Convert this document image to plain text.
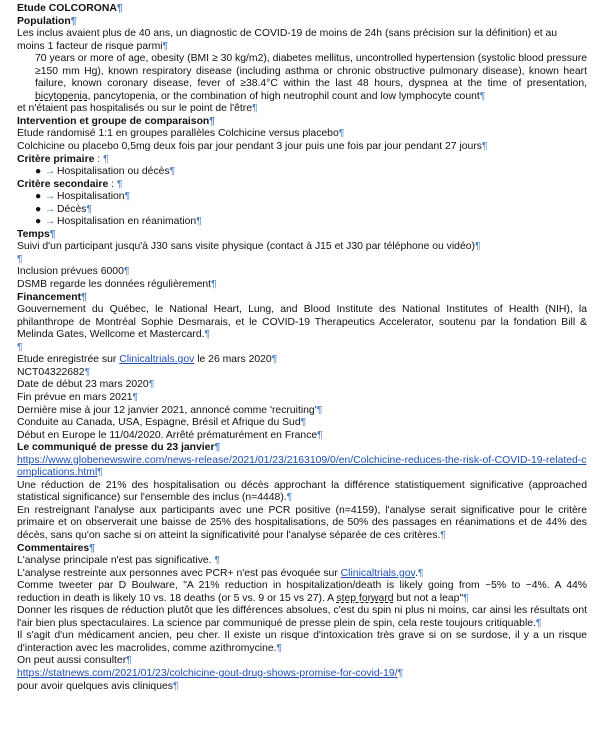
Étude COLCORONA¶
Population¶
Les inclus avaient plus de 40 ans, un diagnostic de COVID-19 de moins de 24h (sans précision sur la définition) et au moins 1 facteur de risque parmi¶
70 years or more of age, obesity (BMI ≥ 30 kg/m2), diabetes mellitus, uncontrolled hypertension (systolic blood pressure ≥150 mm Hg), known respiratory disease (including asthma or chronic obstructive pulmonary disease), known heart failure, known coronary disease, fever of ≥38.4°C within the last 48 hours, dyspnea at the time of presentation, bicytopenia, pancytopenia, or the combination of high neutrophil count and low lymphocyte count¶
et n'étaient pas hospitalisés ou sur le point de l'être¶
Intervention et groupe de comparaison¶
Étude randomisé 1:1 en groupes parallèles Colchicine versus placebo¶
Colchicine ou placebo 0,5mg deux fois par jour pendant 3 jour puis une fois par jour pendant 27 jours¶
Critère primaire : ¶
● → Hospitalisation ou décès¶
Critère secondaire : ¶
● → Hospitalisation¶
● → Décès¶
● → Hospitalisation en réanimation¶
Temps¶
Suivi d'un participant jusqu'à J30 sans visite physique (contact à J15 et J30 par téléphone ou vidéo)¶
¶
Inclusion prévues 6000¶
DSMB regarde les données régulièrement¶
Financement¶
Gouvernement du Québec, le National Heart, Lung, and Blood Institute des National Institutes of Health (NIH), la philanthrope de Montréal Sophie Desmarais, et le COVID-19 Therapeutics Accelerator, soutenu par la fondation Bill & Melinda Gates, Wellcome et Mastercard.¶
¶
Étude enregistrée sur Clinicaltrials.gov le 26 mars 2020¶
NCT04322682¶
Date de début 23 mars 2020¶
Fin prévue en mars 2021¶
Dernière mise à jour 12 janvier 2021, annoncé comme 'recruiting'¶
Conduite au Canada, USA, Espagne, Brésil et Afrique du Sud¶
Début en Europe le 11/04/2020. Arrêté prématurément en France¶
Le communiqué de presse du 23 janvier¶
https://www.globenewswire.com/news-release/2021/01/23/2163109/0/en/Colchicine-reduces-the-risk-of-COVID-19-related-complications.html¶
Une réduction de 21% des hospitalisation ou décès approchant la différence statistiquement significative (approached statistical significance) sur l'ensemble des inclus (n=4448).¶
En restreignant l'analyse aux participants avec une PCR positive (n=4159), l'analyse serait significative pour le critère primaire et on observerait une baisse de 25% des hospitalisations, de 50% des passages en réanimations et de 44% des décès, sans qu'on sache si on atteint la significativité pour l'analyse séparée de ces critères.¶
Commentaires¶
L'analyse principale n'est pas significative. ¶
L'analyse restreinte aux personnes avec PCR+ n'est pas évoquée sur Clinicaltrials.gov.¶
Comme tweeter par D Boulware, "A 21% reduction in hospitalization/death is likely going from ~5% to ~4%. A 44% reduction in death is likely 10 vs. 18 deaths (or 5 vs. 9 or 15 vs 27). A step forward but not a leap"¶
Donner les risques de réduction plutôt que les différences absolues, c'est du spin ni plus ni moins, car ainsi les résultats ont l'air bien plus spectaculaires. La science par communiqué de presse plein de spin, cela reste toujours critiquable.¶
Il s'agit d'un médicament ancien, peu cher. Il existe un risque d'intoxication très grave si on se surdose, il y a un risque d'interaction avec les macrolides, comme azithromycine.¶
On peut aussi consulter¶
https://statnews.com/2021/01/23/colchicine-gout-drug-shows-promise-for-covid-19/¶
pour avoir quelques avis cliniques¶
